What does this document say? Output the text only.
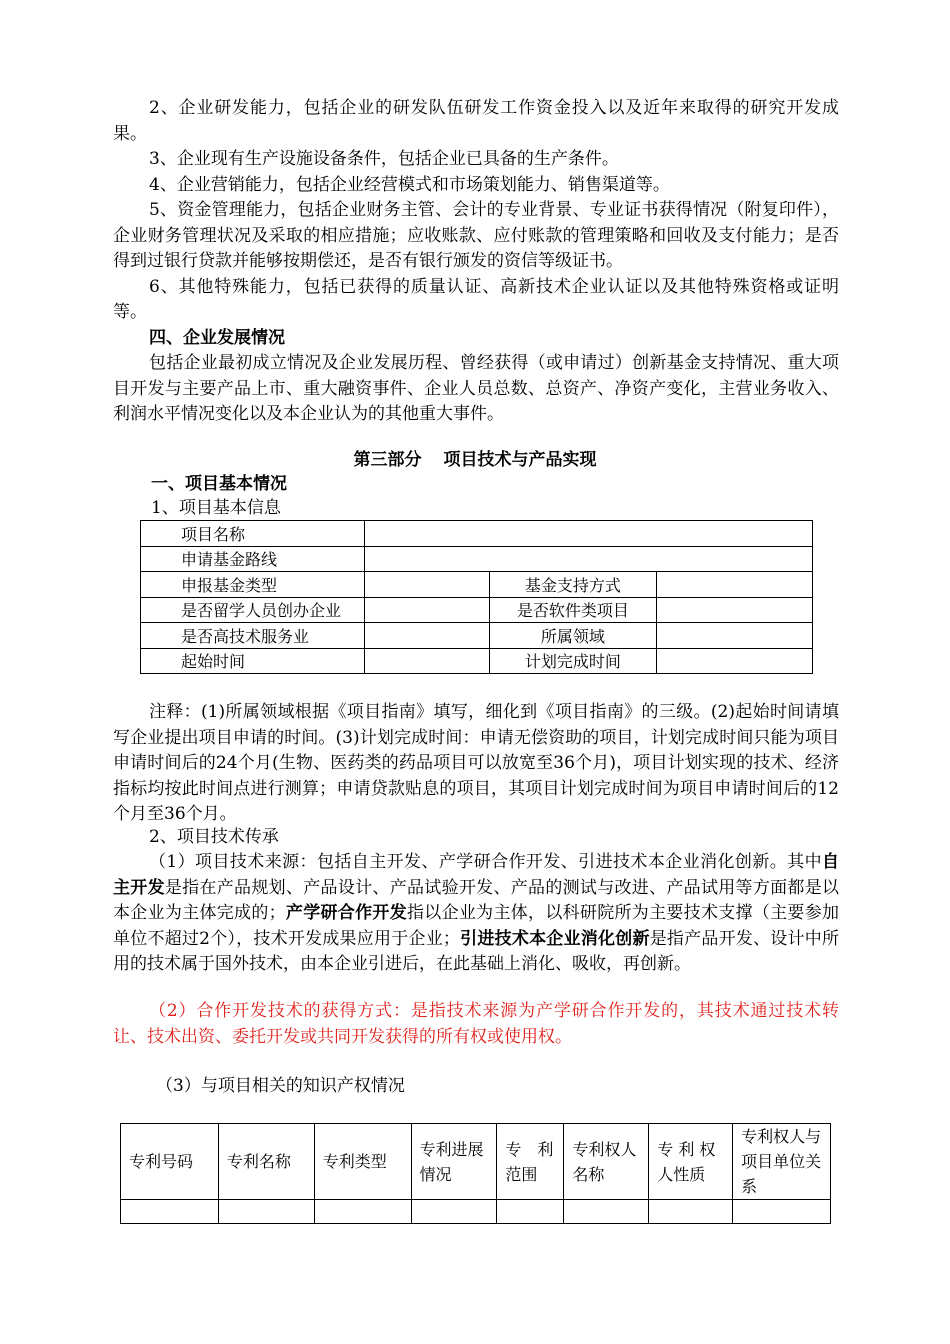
2、企业研发能力，包括企业的研发队伍研发工作资金投入以及近年来取得的研究开发成果。

3、企业现有生产设施设备条件，包括企业已具备的生产条件。

4、企业营销能力，包括企业经营模式和市场策划能力、销售渠道等。

5、资金管理能力，包括企业财务主管、会计的专业背景、专业证书获得情况（附复印件），企业财务管理状况及采取的相应措施；应收账款、应付账款的管理策略和回收及支付能力；是否得到过银行贷款并能够按期偿还，是否有银行颁发的资信等级证书。

6、其他特殊能力，包括已获得的质量认证、高新技术企业认证以及其他特殊资格或证明等。

四、企业发展情况

包括企业最初成立情况及企业发展历程、曾经获得（或申请过）创新基金支持情况、重大项目开发与主要产品上市、重大融资事件、企业人员总数、总资产、净资产变化，主营业务收入、利润水平情况变化以及本企业认为的其他重大事件。

第三部分 项目技术与产品实现

一、项目基本情况

1、项目基本信息

项目名称			
申请基金路线			
申报基金类型		基金支持方式	
是否留学人员创办企业		是否软件类项目	
是否高技术服务业		所属领域	
起始时间		计划完成时间	

注释：(1)所属领域根据《项目指南》填写，细化到《项目指南》的三级。(2)起始时间请填写企业提出项目申请的时间。(3)计划完成时间：申请无偿资助的项目，计划完成时间只能为项目申请时间后的24个月(生物、医药类的药品项目可以放宽至36个月)，项目计划实现的技术、经济指标均按此时间点进行测算；申请贷款贴息的项目，其项目计划完成时间为项目申请时间后的12个月至36个月。

2、项目技术传承

（1）项目技术来源：包括自主开发、产学研合作开发、引进技术本企业消化创新。其中自主开发是指在产品规划、产品设计、产品试验开发、产品的测试与改进、产品试用等方面都是以本企业为主体完成的；产学研合作开发指以企业为主体，以科研院所为主要技术支撑（主要参加单位不超过2个），技术开发成果应用于企业；引进技术本企业消化创新是指产品开发、设计中所用的技术属于国外技术，由本企业引进后，在此基础上消化、吸收，再创新。

（2）合作开发技术的获得方式：是指技术来源为产学研合作开发的，其技术通过技术转让、技术出资、委托开发或共同开发获得的所有权或使用权。

（3）与项目相关的知识产权情况

专利号码	专利名称	专利类型	专利进展情况	专　利范围	专利权人名称	专 利 权人性质	专利权人与项目单位关系
